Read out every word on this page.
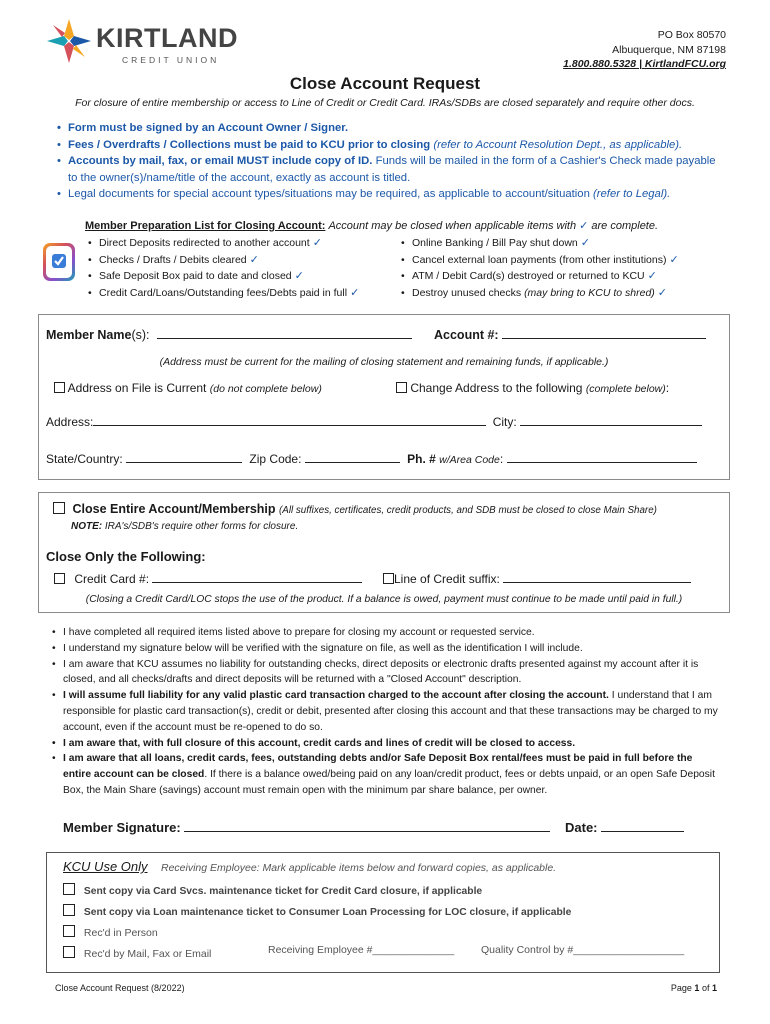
KIRTLAND
CREDIT UNION
PO Box 80570
Albuquerque, NM 87198
1.800.880.5328 | KirtlandFCU.org
Close Account Request
For closure of entire membership or access to Line of Credit or Credit Card. IRAs/SDBs are closed separately and require other docs.
• Form must be signed by an Account Owner / Signer.
• Fees / Overdrafts / Collections must be paid to KCU prior to closing (refer to Account Resolution Dept., as applicable).
• Accounts by mail, fax, or email MUST include copy of ID. Funds will be mailed in the form of a Cashier's Check made payable to the owner(s)/name/title of the account, exactly as account is titled.
• Legal documents for special account types/situations may be required, as applicable to account/situation (refer to Legal).
Member Preparation List for Closing Account: Account may be closed when applicable items with ✓ are complete.
• Direct Deposits redirected to another account ✓
• Checks / Drafts / Debits cleared ✓
• Safe Deposit Box paid to date and closed ✓
• Credit Card/Loans/Outstanding fees/Debts paid in full ✓
• Online Banking / Bill Pay shut down ✓
• Cancel external loan payments (from other institutions) ✓
• ATM / Debit Card(s) destroyed or returned to KCU ✓
• Destroy unused checks (may bring to KCU to shred) ✓
Member Name(s):	Account #:
(Address must be current for the mailing of closing statement and remaining funds, if applicable.)
Address on File is Current (do not complete below)	Change Address to the following (complete below):
Address:	City:
State/Country:	Zip Code:	Ph. # w/Area Code:
Close Entire Account/Membership (All suffixes, certificates, credit products, and SDB must be closed to close Main Share)
NOTE: IRA's/SDB's require other forms for closure.
Close Only the Following:
Credit Card #:	Line of Credit suffix:
(Closing a Credit Card/LOC stops the use of the product. If a balance is owed, payment must continue to be made until paid in full.)
• I have completed all required items listed above to prepare for closing my account or requested service.
• I understand my signature below will be verified with the signature on file, as well as the identification I will include.
• I am aware that KCU assumes no liability for outstanding checks, direct deposits or electronic drafts presented against my account after it is closed, and all checks/drafts and direct deposits will be returned with a "Closed Account" description.
• I will assume full liability for any valid plastic card transaction charged to the account after closing the account. I understand that I am responsible for plastic card transaction(s), credit or debit, presented after closing this account and that these transactions may be charged to my account, even if the account must be re-opened to do so.
• I am aware that, with full closure of this account, credit cards and lines of credit will be closed to access.
• I am aware that all loans, credit cards, fees, outstanding debts and/or Safe Deposit Box rental/fees must be paid in full before the entire account can be closed. If there is a balance owed/being paid on any loan/credit product, fees or debts unpaid, or an open Safe Deposit Box, the Main Share (savings) account must remain open with the minimum par share balance, per owner.
Member Signature:	Date:
KCU Use Only Receiving Employee: Mark applicable items below and forward copies, as applicable.
Sent copy via Card Svcs. maintenance ticket for Credit Card closure, if applicable
Sent copy via Loan maintenance ticket to Consumer Loan Processing for LOC closure, if applicable
Rec'd in Person
Rec'd by Mail, Fax or Email	Receiving Employee #______________	Quality Control by #___________________
Close Account Request (8/2022)	Page 1 of 1
